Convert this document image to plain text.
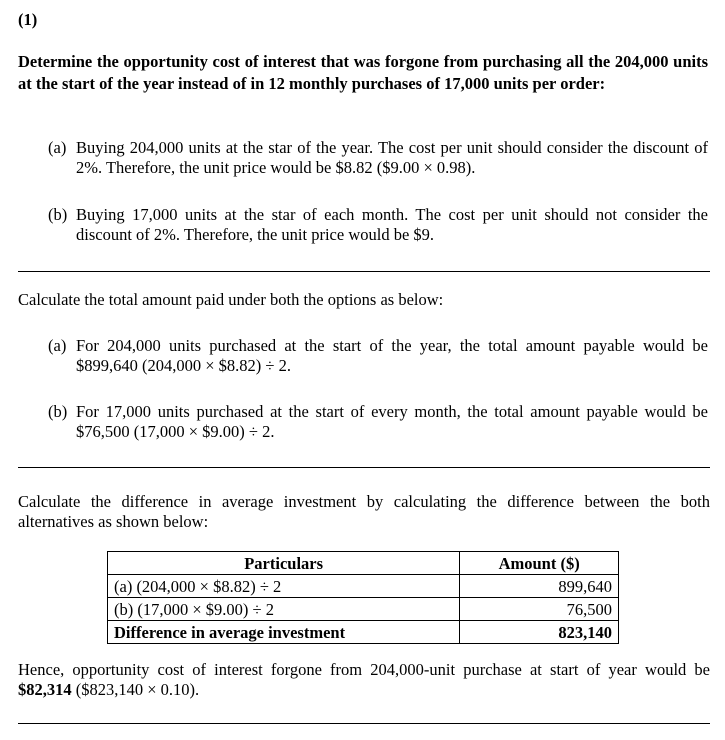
(1)
Determine the opportunity cost of interest that was forgone from purchasing all the 204,000 units at the start of the year instead of in 12 monthly purchases of 17,000 units per order:
(a) Buying 204,000 units at the star of the year. The cost per unit should consider the discount of 2%. Therefore, the unit price would be $8.82 ($9.00 × 0.98).
(b) Buying 17,000 units at the star of each month. The cost per unit should not consider the discount of 2%. Therefore, the unit price would be $9.
Calculate the total amount paid under both the options as below:
(a) For 204,000 units purchased at the start of the year, the total amount payable would be $899,640 (204,000 × $8.82) ÷ 2.
(b) For 17,000 units purchased at the start of every month, the total amount payable would be $76,500 (17,000 × $9.00) ÷ 2.
Calculate the difference in average investment by calculating the difference between the both alternatives as shown below:
Particulars	Amount ($)
(a) (204,000 × $8.82) ÷ 2	899,640
(b) (17,000 × $9.00) ÷ 2	76,500
Difference in average investment	823,140
Hence, opportunity cost of interest forgone from 204,000-unit purchase at start of year would be $82,314 ($823,140 × 0.10).
